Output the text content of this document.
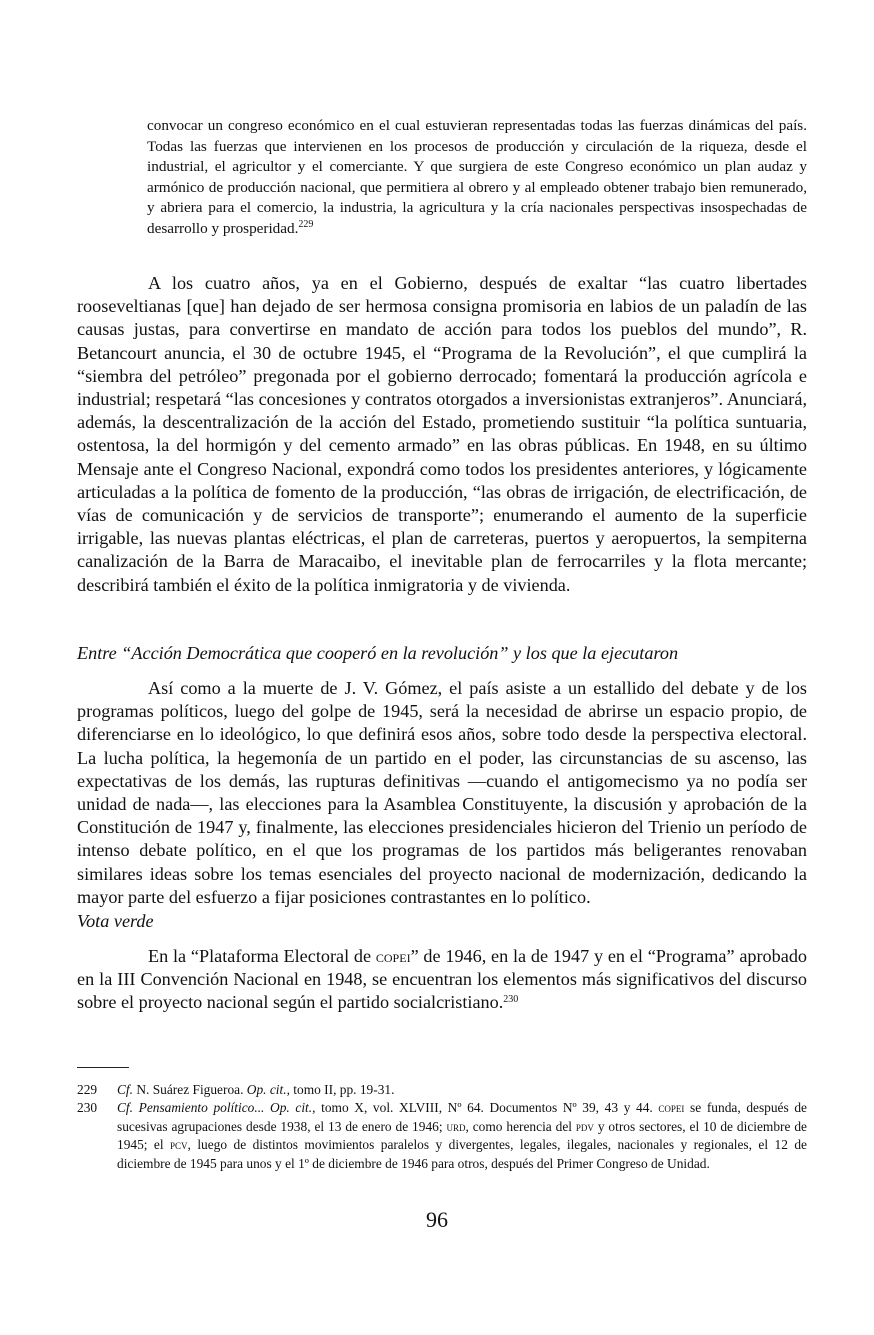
convocar un congreso económico en el cual estuvieran representadas todas las fuerzas dinámicas del país. Todas las fuerzas que intervienen en los procesos de producción y circulación de la riqueza, desde el industrial, el agricultor y el comerciante. Y que surgiera de este Congreso económico un plan audaz y armónico de producción nacional, que permitiera al obrero y al empleado obtener trabajo bien remunerado, y abriera para el comercio, la industria, la agricultura y la cría nacionales perspectivas insospechadas de desarrollo y prosperidad.$^{229}$
A los cuatro años, ya en el Gobierno, después de exaltar “las cuatro libertades rooseveltianas [que] han dejado de ser hermosa consigna promisoria en labios de un paladín de las causas justas, para convertirse en mandato de acción para todos los pueblos del mundo”, R. Betancourt anuncia, el 30 de octubre 1945, el “Programa de la Revolución”, el que cumplirá la “siembra del petróleo” pregonada por el gobierno derrocado; fomentará la producción agrícola e industrial; respetará “las concesiones y contratos otorgados a inversionistas extranjeros”. Anunciará, además, la descentralización de la acción del Estado, prometiendo sustituir “la política suntuaria, ostentosa, la del hormigón y del cemento armado” en las obras públicas. En 1948, en su último Mensaje ante el Congreso Nacional, expondrá como todos los presidentes anteriores, y lógicamente articuladas a la política de fomento de la producción, “las obras de irrigación, de electrificación, de vías de comunicación y de servicios de transporte”; enumerando el aumento de la superficie irrigable, las nuevas plantas eléctricas, el plan de carreteras, puertos y aeropuertos, la sempiterna canalización de la Barra de Maracaibo, el inevitable plan de ferrocarriles y la flota mercante; describirá también el éxito de la política inmigratoria y de vivienda.
Entre “Acción Democrática que cooperó en la revolución” y los que la ejecutaron
Así como a la muerte de J. V. Gómez, el país asiste a un estallido del debate y de los programas políticos, luego del golpe de 1945, será la necesidad de abrirse un espacio propio, de diferenciarse en lo ideológico, lo que definirá esos años, sobre todo desde la perspectiva electoral. La lucha política, la hegemonía de un partido en el poder, las circunstancias de su ascenso, las expectativas de los demás, las rupturas definitivas —cuando el antigomecismo ya no podía ser unidad de nada—, las elecciones para la Asamblea Constituyente, la discusión y aprobación de la Constitución de 1947 y, finalmente, las elecciones presidenciales hicieron del Trienio un período de intenso debate político, en el que los programas de los partidos más beligerantes renovaban similares ideas sobre los temas esenciales del proyecto nacional de modernización, dedicando la mayor parte del esfuerzo a fijar posiciones contrastantes en lo político.
Vota verde
En la “Plataforma Electoral de copei” de 1946, en la de 1947 y en el “Programa” aprobado en la III Convención Nacional en 1948, se encuentran los elementos más significativos del discurso sobre el proyecto nacional según el partido socialcristiano.$^{230}$
229	Cf. N. Suárez Figueroa. Op. cit., tomo II, pp. 19-31.
230	Cf. Pensamiento político... Op. cit., tomo X, vol. XLVIII, Nº 64. Documentos Nº 39, 43 y 44. copei se funda, después de sucesivas agrupaciones desde 1938, el 13 de enero de 1946; urd, como herencia del pdv y otros sectores, el 10 de diciembre de 1945; el pcv, luego de distintos movimientos paralelos y divergentes, legales, ilegales, nacionales y regionales, el 12 de diciembre de 1945 para unos y el 1º de diciembre de 1946 para otros, después del Primer Congreso de Unidad.
96
